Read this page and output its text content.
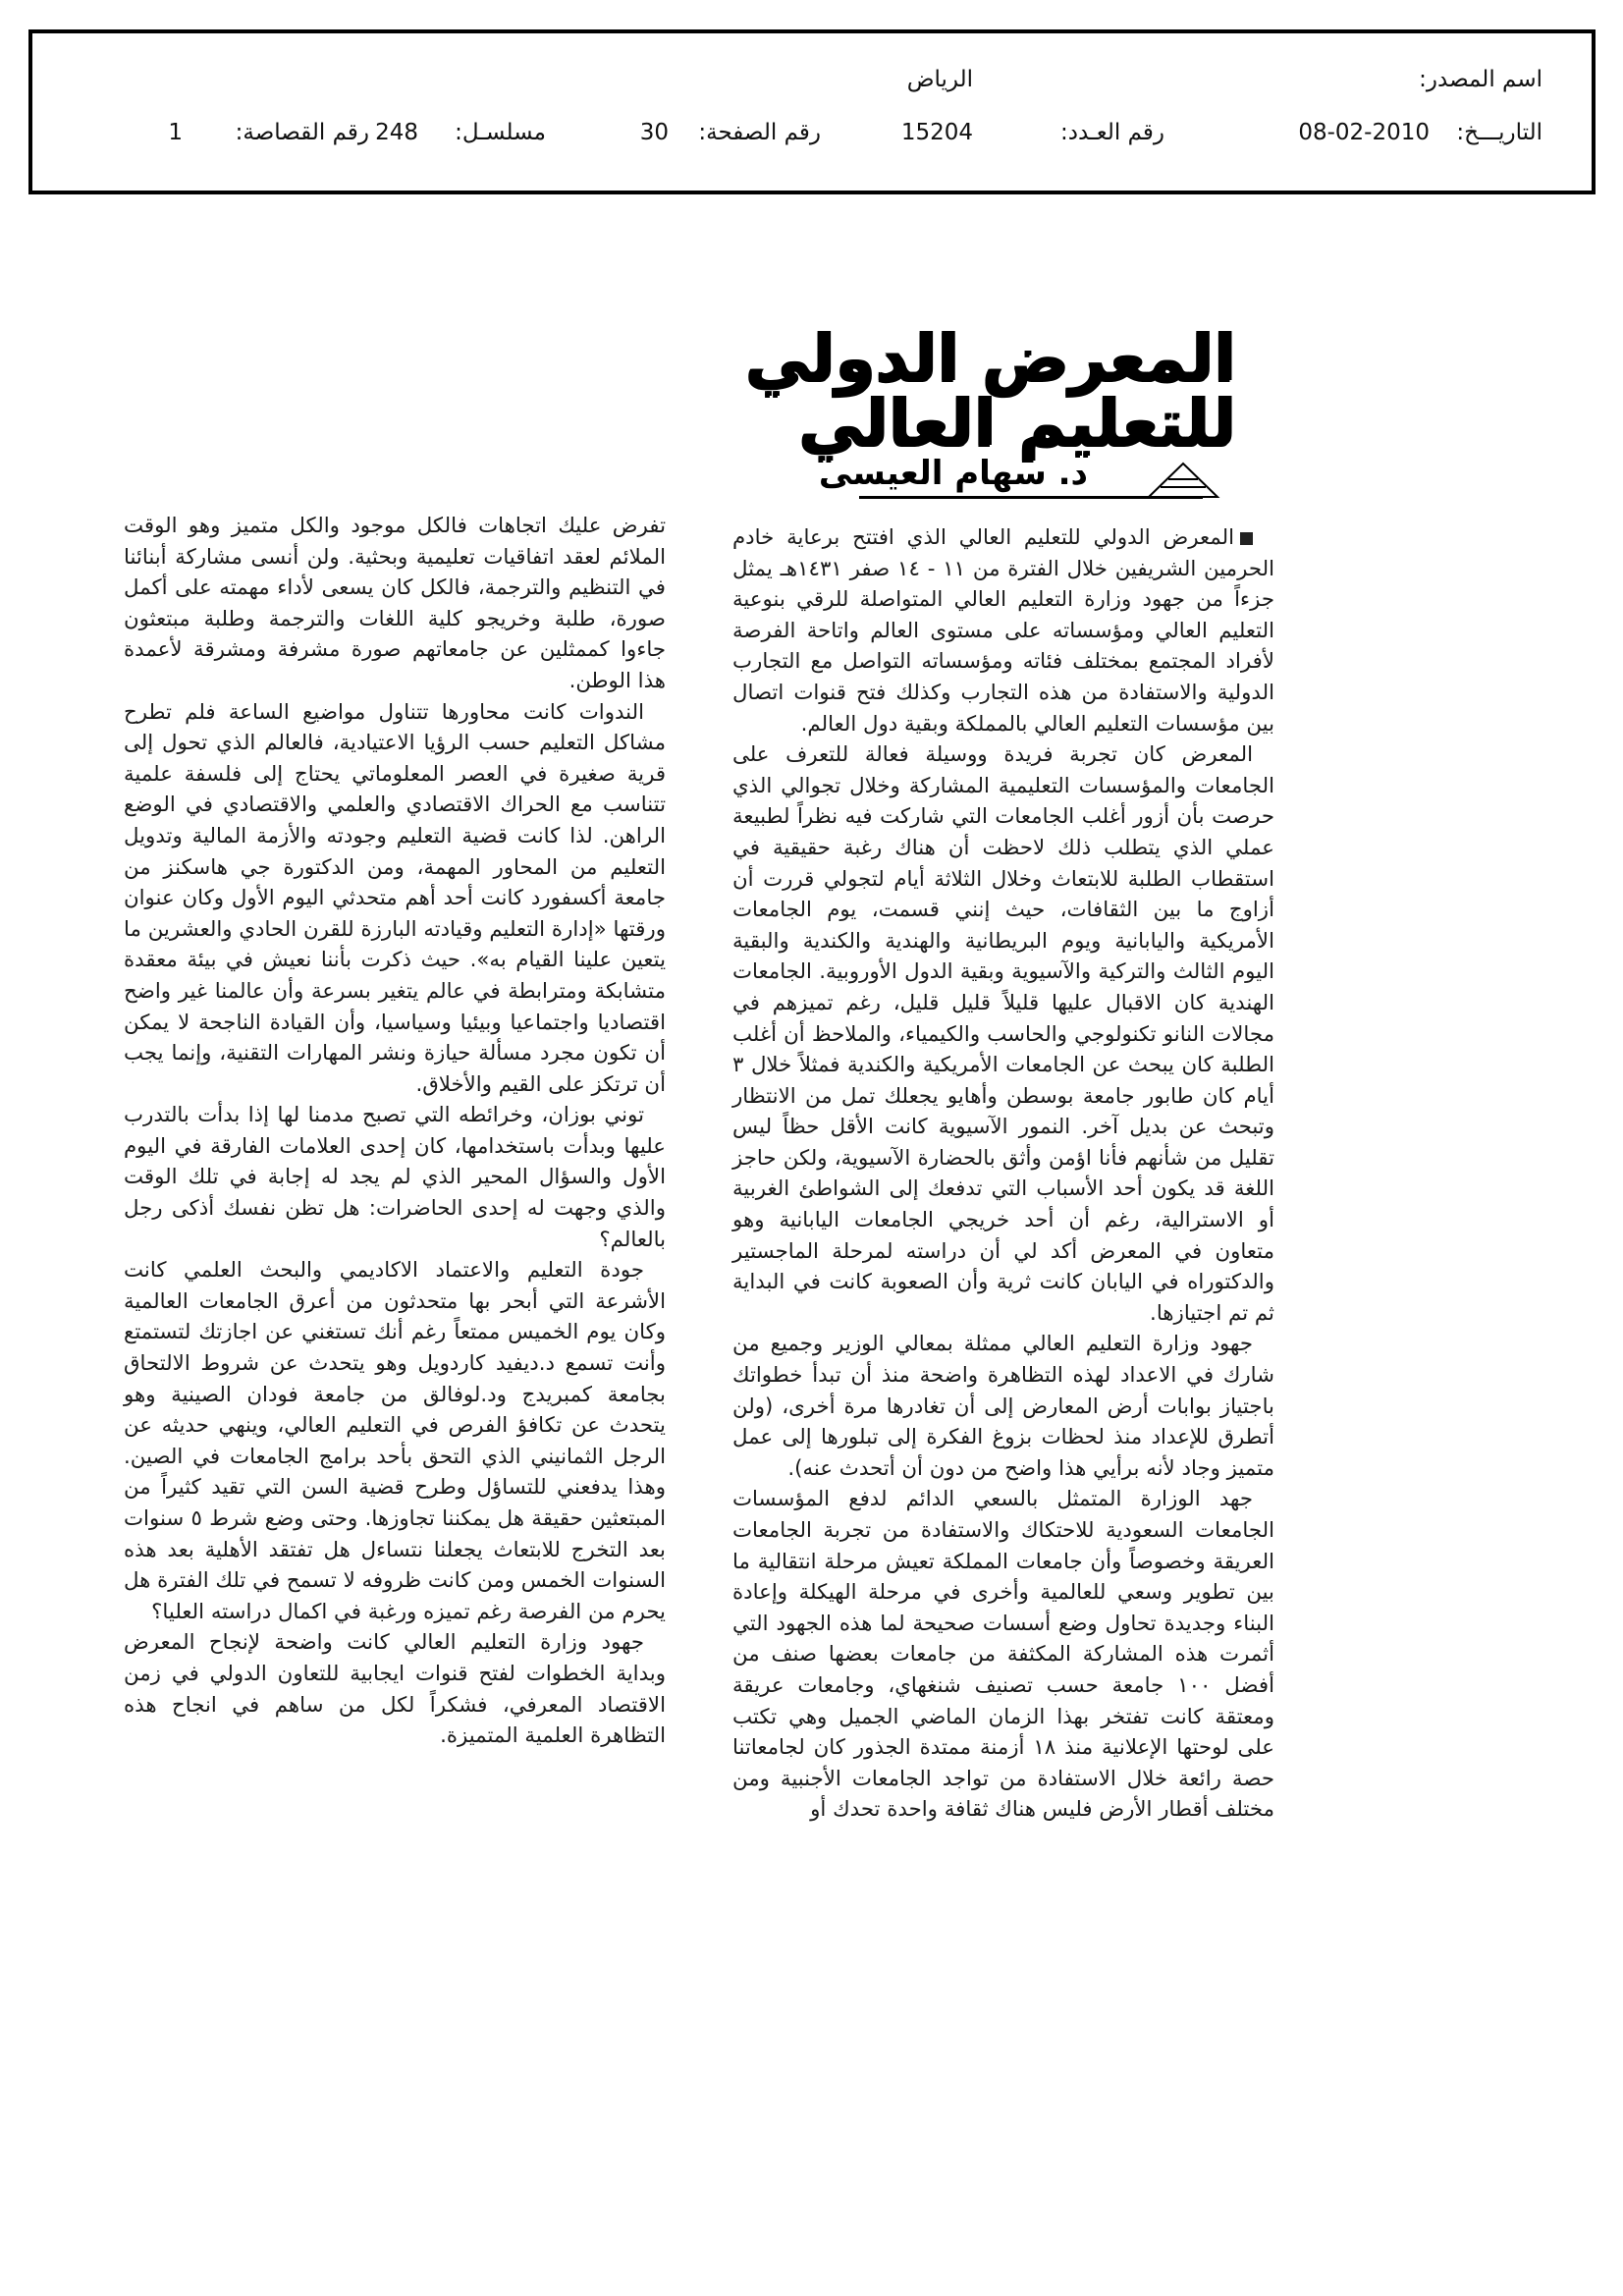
اسم المصدر:
الرياض
التاريـــخ:
08-02-2010
رقم العـدد:
15204
رقم الصفحة:
30
مسلسـل:
248
رقم القصاصة:
1
المعرض الدولي للتعليم العالي
د. سهام العيسى

المعرض الدولي للتعليم العالي الذي افتتح برعاية خادم الحرمين الشريفين خلال الفترة من ١١ - ١٤ صفر ١٤٣١هـ يمثل جزءاً من جهود وزارة التعليم العالي المتواصلة للرقي بنوعية التعليم العالي ومؤسساته على مستوى العالم واتاحة الفرصة لأفراد المجتمع بمختلف فئاته ومؤسساته التواصل مع التجارب الدولية والاستفادة من هذه التجارب وكذلك فتح قنوات اتصال بين مؤسسات التعليم العالي بالمملكة وبقية دول العالم.

المعرض كان تجربة فريدة ووسيلة فعالة للتعرف على الجامعات والمؤسسات التعليمية المشاركة وخلال تجوالي الذي حرصت بأن أزور أغلب الجامعات التي شاركت فيه نظراً لطبيعة عملي الذي يتطلب ذلك لاحظت أن هناك رغبة حقيقية في استقطاب الطلبة للابتعاث وخلال الثلاثة أيام لتجولي قررت أن أزاوج ما بين الثقافات، حيث إنني قسمت، يوم الجامعات الأمريكية واليابانية ويوم البريطانية والهندية والكندية والبقية اليوم الثالث والتركية والآسيوية وبقية الدول الأوروبية. الجامعات الهندية كان الاقبال عليها قليلاً قليل قليل، رغم تميزهم في مجالات النانو تكنولوجي والحاسب والكيمياء، والملاحظ أن أغلب الطلبة كان يبحث عن الجامعات الأمريكية والكندية فمثلاً خلال ٣ أيام كان طابور جامعة بوسطن وأهايو يجعلك تمل من الانتظار وتبحث عن بديل آخر. النمور الآسيوية كانت الأقل حظاً ليس تقليل من شأنهم فأنا اؤمن وأثق بالحضارة الآسيوية، ولكن حاجز اللغة قد يكون أحد الأسباب التي تدفعك إلى الشواطئ الغربية أو الاسترالية، رغم أن أحد خريجي الجامعات اليابانية وهو متعاون في المعرض أكد لي أن دراسته لمرحلة الماجستير والدكتوراه في اليابان كانت ثرية وأن الصعوبة كانت في البداية ثم تم اجتيازها.

جهود وزارة التعليم العالي ممثلة بمعالي الوزير وجميع من شارك في الاعداد لهذه التظاهرة واضحة منذ أن تبدأ خطواتك باجتياز بوابات أرض المعارض إلى أن تغادرها مرة أخرى، (ولن أتطرق للإعداد منذ لحظات بزوغ الفكرة إلى تبلورها إلى عمل متميز وجاد لأنه برأيي هذا واضح من دون أن أتحدث عنه).

جهد الوزارة المتمثل بالسعي الدائم لدفع المؤسسات الجامعات السعودية للاحتكاك والاستفادة من تجربة الجامعات العريقة وخصوصاً وأن جامعات المملكة تعيش مرحلة انتقالية ما بين تطوير وسعي للعالمية وأخرى في مرحلة الهيكلة وإعادة البناء وجديدة تحاول وضع أسسات صحيحة لما هذه الجهود التي أثمرت هذه المشاركة المكثفة من جامعات بعضها صنف من أفضل ١٠٠ جامعة حسب تصنيف شنغهاي، وجامعات عريقة ومعتقة كانت تفتخر بهذا الزمان الماضي الجميل وهي تكتب على لوحتها الإعلانية منذ ١٨ أزمنة ممتدة الجذور كان لجامعاتنا حصة رائعة خلال الاستفادة من تواجد الجامعات الأجنبية ومن مختلف أقطار الأرض فليس هناك ثقافة واحدة تحدك أو

تفرض عليك اتجاهات فالكل موجود والكل متميز وهو الوقت الملائم لعقد اتفاقيات تعليمية وبحثية. ولن أنسى مشاركة أبنائنا في التنظيم والترجمة، فالكل كان يسعى لأداء مهمته على أكمل صورة، طلبة وخريجو كلية اللغات والترجمة وطلبة مبتعثون جاءوا كممثلين عن جامعاتهم صورة مشرفة ومشرقة لأعمدة هذا الوطن.

الندوات كانت محاورها تتناول مواضيع الساعة فلم تطرح مشاكل التعليم حسب الرؤيا الاعتيادية، فالعالم الذي تحول إلى قرية صغيرة في العصر المعلوماتي يحتاج إلى فلسفة علمية تتناسب مع الحراك الاقتصادي والعلمي والاقتصادي في الوضع الراهن. لذا كانت قضية التعليم وجودته والأزمة المالية وتدويل التعليم من المحاور المهمة، ومن الدكتورة جي هاسكنز من جامعة أكسفورد كانت أحد أهم متحدثي اليوم الأول وكان عنوان ورقتها «إدارة التعليم وقيادته البارزة للقرن الحادي والعشرين ما يتعين علينا القيام به». حيث ذكرت بأننا نعيش في بيئة معقدة متشابكة ومترابطة في عالم يتغير بسرعة وأن عالمنا غير واضح اقتصاديا واجتماعيا وبيئيا وسياسيا، وأن القيادة الناجحة لا يمكن أن تكون مجرد مسألة حيازة ونشر المهارات التقنية، وإنما يجب أن ترتكز على القيم والأخلاق.

توني بوزان، وخرائطه التي تصبح مدمنا لها إذا بدأت بالتدرب عليها وبدأت باستخدامها، كان إحدى العلامات الفارقة في اليوم الأول والسؤال المحير الذي لم يجد له إجابة في تلك الوقت والذي وجهت له إحدى الحاضرات: هل تظن نفسك أذكى رجل بالعالم؟

جودة التعليم والاعتماد الاكاديمي والبحث العلمي كانت الأشرعة التي أبحر بها متحدثون من أعرق الجامعات العالمية وكان يوم الخميس ممتعاً رغم أنك تستغني عن اجازتك لتستمتع وأنت تسمع د.ديفيد كاردويل وهو يتحدث عن شروط الالتحاق بجامعة كمبريدج ود.لوفالق من جامعة فودان الصينية وهو يتحدث عن تكافؤ الفرص في التعليم العالي، وينهي حديثه عن الرجل الثمانيني الذي التحق بأحد برامج الجامعات في الصين. وهذا يدفعني للتساؤل وطرح قضية السن التي تقيد كثيراً من المبتعثين حقيقة هل يمكننا تجاوزها. وحتى وضع شرط ٥ سنوات بعد التخرج للابتعاث يجعلنا نتساءل هل تفتقد الأهلية بعد هذه السنوات الخمس ومن كانت ظروفه لا تسمح في تلك الفترة هل يحرم من الفرصة رغم تميزه ورغبة في اكمال دراسته العليا؟

جهود وزارة التعليم العالي كانت واضحة لإنجاح المعرض وبداية الخطوات لفتح قنوات ايجابية للتعاون الدولي في زمن الاقتصاد المعرفي، فشكراً لكل من ساهم في انجاح هذه التظاهرة العلمية المتميزة.
